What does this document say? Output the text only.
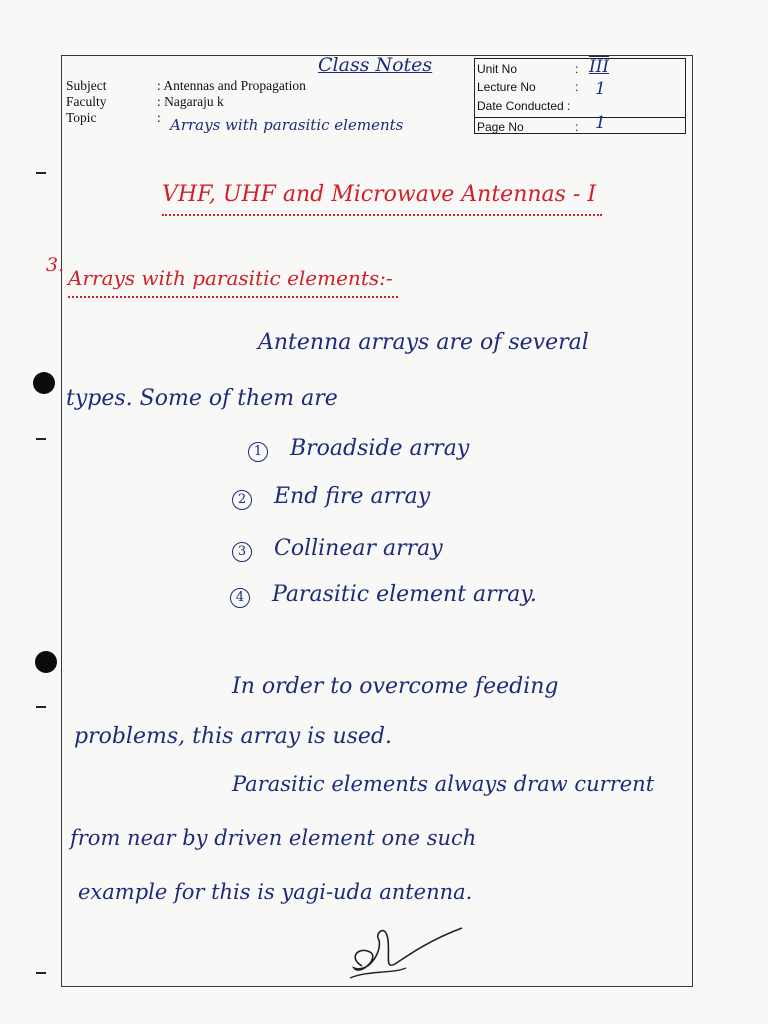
Class Notes
Subject	: Antennas and Propagation
Faculty	: Nagaraju k
Topic	: Arrays with parasitic elements
Unit No	: III
Lecture No	: 1
Date Conducted :
Page No	: 1
VHF, UHF and Microwave Antennas - I
3.
Arrays with parasitic elements:-
Antenna arrays are of several
types. Some of them are
1 Broadside array
2 End fire array
3 Collinear array
4 Parasitic element array.
In order to overcome feeding
problems, this array is used.
Parasitic elements always draw current
from near by driven element one such
example for this is yagi-uda antenna.
